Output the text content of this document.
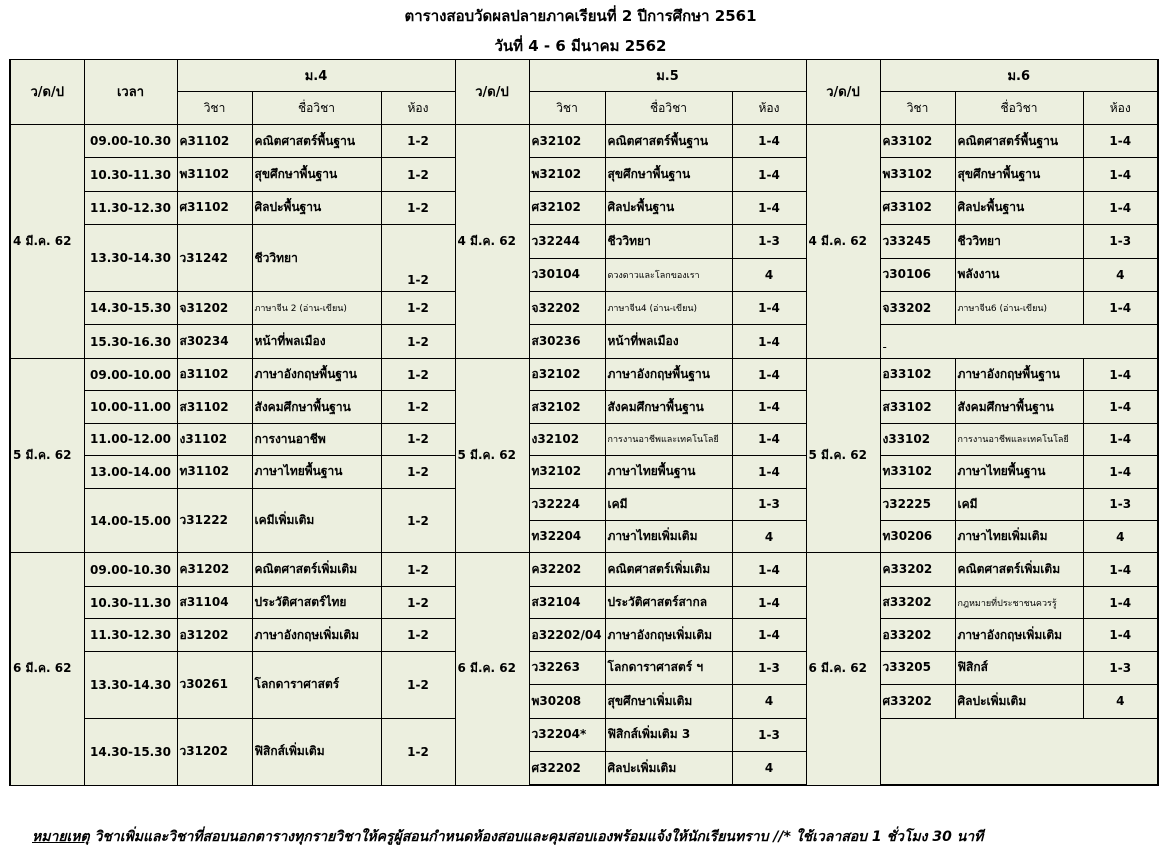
ตารางสอบวัดผลปลายภาคเรียนที่ 2 ปีการศึกษา 2561
วันที่ 4 - 6 มีนาคม 2562
ว/ด/ป	เวลา	ม.4			ว/ด/ป	ม.5			ว/ด/ป	ม.6		
		วิชา	ชื่อวิชา	ห้อง		วิชา	ชื่อวิชา	ห้อง		วิชา	ชื่อวิชา	ห้อง
4 มี.ค. 62	09.00-10.30	ค31102	คณิตศาสตร์พื้นฐาน	1-2	4 มี.ค. 62	ค32102	คณิตศาสตร์พื้นฐาน	1-4	4 มี.ค. 62	ค33102	คณิตศาสตร์พื้นฐาน	1-4
	10.30-11.30	พ31102	สุขศึกษาพื้นฐาน	1-2		พ32102	สุขศึกษาพื้นฐาน	1-4		พ33102	สุขศึกษาพื้นฐาน	1-4
	11.30-12.30	ศ31102	ศิลปะพื้นฐาน	1-2		ศ32102	ศิลปะพื้นฐาน	1-4		ศ33102	ศิลปะพื้นฐาน	1-4
	13.30-14.30	ว31242	ชีววิทยา	1-2		ว32244	ชีววิทยา	1-3		ว33245	ชีววิทยา	1-3
						ว30104	ดวงดาวและโลกของเรา	4		ว30106	พลังงาน	4
	14.30-15.30	จ31202	ภาษาจีน 2 (อ่าน-เขียน)	1-2		จ32202	ภาษาจีน4 (อ่าน-เขียน)	1-4		จ33202	ภาษาจีน6 (อ่าน-เขียน)	1-4
	15.30-16.30	ส30234	หน้าที่พลเมือง	1-2		ส30236	หน้าที่พลเมือง	1-4		-		
5 มี.ค. 62	09.00-10.00	อ31102	ภาษาอังกฤษพื้นฐาน	1-2	5 มี.ค. 62	อ32102	ภาษาอังกฤษพื้นฐาน	1-4	5 มี.ค. 62	อ33102	ภาษาอังกฤษพื้นฐาน	1-4
	10.00-11.00	ส31102	สังคมศึกษาพื้นฐาน	1-2		ส32102	สังคมศึกษาพื้นฐาน	1-4		ส33102	สังคมศึกษาพื้นฐาน	1-4
	11.00-12.00	ง31102	การงานอาชีพ	1-2		ง32102	การงานอาชีพและเทคโนโลยี	1-4		ง33102	การงานอาชีพและเทคโนโลยี	1-4
	13.00-14.00	ท31102	ภาษาไทยพื้นฐาน	1-2		ท32102	ภาษาไทยพื้นฐาน	1-4		ท33102	ภาษาไทยพื้นฐาน	1-4
	14.00-15.00	ว31222	เคมีเพิ่มเติม	1-2		ว32224	เคมี	1-3		ว32225	เคมี	1-3
						ท32204	ภาษาไทยเพิ่มเติม	4		ท30206	ภาษาไทยเพิ่มเติม	4
6 มี.ค. 62	09.00-10.30	ค31202	คณิตศาสตร์เพิ่มเติม	1-2	6 มี.ค. 62	ค32202	คณิตศาสตร์เพิ่มเติม	1-4	6 มี.ค. 62	ค33202	คณิตศาสตร์เพิ่มเติม	1-4
	10.30-11.30	ส31104	ประวัติศาสตร์ไทย	1-2		ส32104	ประวัติศาสตร์สากล	1-4		ส33202	กฎหมายที่ประชาชนควรรู้	1-4
	11.30-12.30	อ31202	ภาษาอังกฤษเพิ่มเติม	1-2		อ32202/04	ภาษาอังกฤษเพิ่มเติม	1-4		อ33202	ภาษาอังกฤษเพิ่มเติม	1-4
	13.30-14.30	ว30261	โลกดาราศาสตร์	1-2		ว32263	โลกดาราศาสตร์ ฯ	1-3		ว33205	ฟิสิกส์	1-3
						พ30208	สุขศึกษาเพิ่มเติม	4		ศ33202	ศิลปะเพิ่มเติม	4
	14.30-15.30	ว31202	ฟิสิกส์เพิ่มเติม	1-2		ว32204*	ฟิสิกส์เพิ่มเติม 3	1-3				
						ศ32202	ศิลปะเพิ่มเติม	4				
หมายเหตุ วิชาเพิ่มและวิชาที่สอบนอกตารางทุกรายวิชาให้ครูผู้สอนกำหนดห้องสอบและคุมสอบเองพร้อมแจ้งให้นักเรียนทราบ //* ใช้เวลาสอบ 1 ชั่วโมง 30 นาที
